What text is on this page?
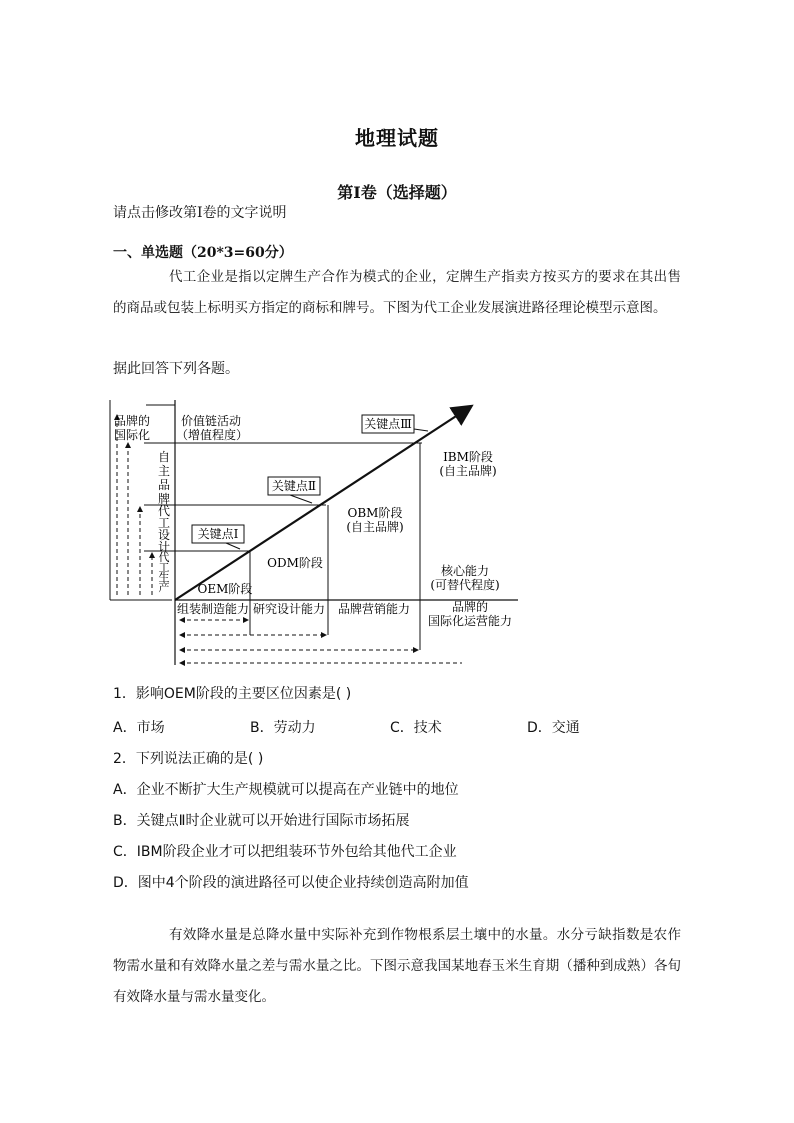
地理试题
第I卷（选择题）
请点击修改第I卷的文字说明
一、单选题（20*3=60分）
代工企业是指以定牌生产合作为模式的企业，定牌生产指卖方按买方的要求在其出售的商品或包装上标明买方指定的商标和牌号。下图为代工企业发展演进路径理论模型示意图。
据此回答下列各题。
品牌的
国际化
价值链活动
（增值程度）
自主品牌
代工设计
代工生产
关键点Ⅲ
关键点Ⅱ
关键点Ⅰ
OEM阶段
ODM阶段
OBM阶段
(自主品牌)
IBM阶段
(自主品牌)
核心能力
(可替代程度)
组装制造能力 研究设计能力 品牌营销能力	品牌的
国际化运营能力
1．影响OEM阶段的主要区位因素是( )
A．市场	B．劳动力	C．技术	D．交通
2．下列说法正确的是( )
A．企业不断扩大生产规模就可以提高在产业链中的地位
B．关键点Ⅱ时企业就可以开始进行国际市场拓展
C．IBM阶段企业才可以把组装环节外包给其他代工企业
D．图中4个阶段的演进路径可以使企业持续创造高附加值
有效降水量是总降水量中实际补充到作物根系层土壤中的水量。水分亏缺指数是农作物需水量和有效降水量之差与需水量之比。下图示意我国某地春玉米生育期（播种到成熟）各旬有效降水量与需水量变化。
